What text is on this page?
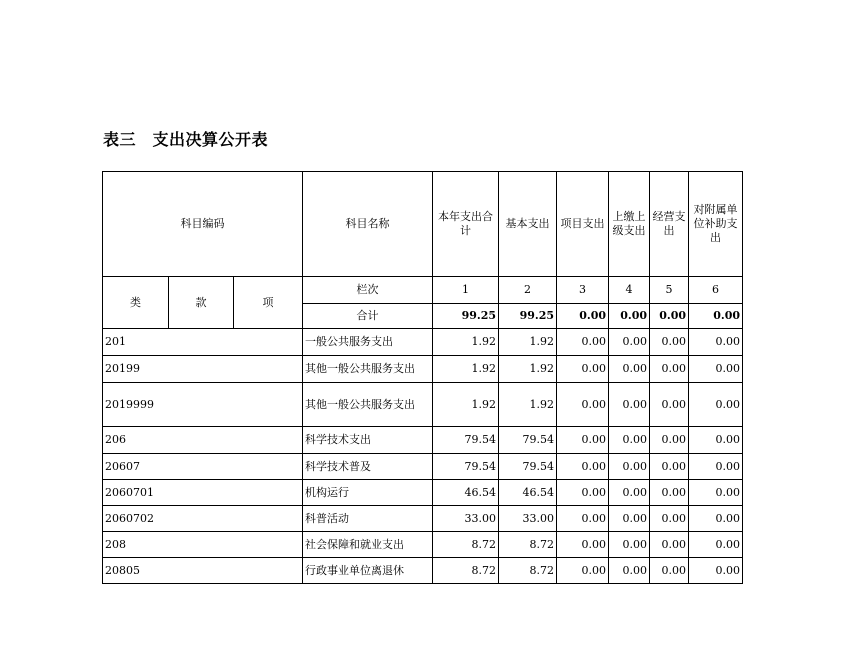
表三　支出决算公开表
科目编码			科目名称	本年支出合计	基本支出	项目支出	上缴上级支出	经营支出	对附属单位补助支出
类	款	项	栏次	1	2	3	4	5	6
			合计	99.25	99.25	0.00	0.00	0.00	0.00
201			一般公共服务支出	1.92	1.92	0.00	0.00	0.00	0.00
20199			其他一般公共服务支出	1.92	1.92	0.00	0.00	0.00	0.00
2019999			其他一般公共服务支出	1.92	1.92	0.00	0.00	0.00	0.00
206			科学技术支出	79.54	79.54	0.00	0.00	0.00	0.00
20607			科学技术普及	79.54	79.54	0.00	0.00	0.00	0.00
2060701			机构运行	46.54	46.54	0.00	0.00	0.00	0.00
2060702			科普活动	33.00	33.00	0.00	0.00	0.00	0.00
208			社会保障和就业支出	8.72	8.72	0.00	0.00	0.00	0.00
20805			行政事业单位离退休	8.72	8.72	0.00	0.00	0.00	0.00
